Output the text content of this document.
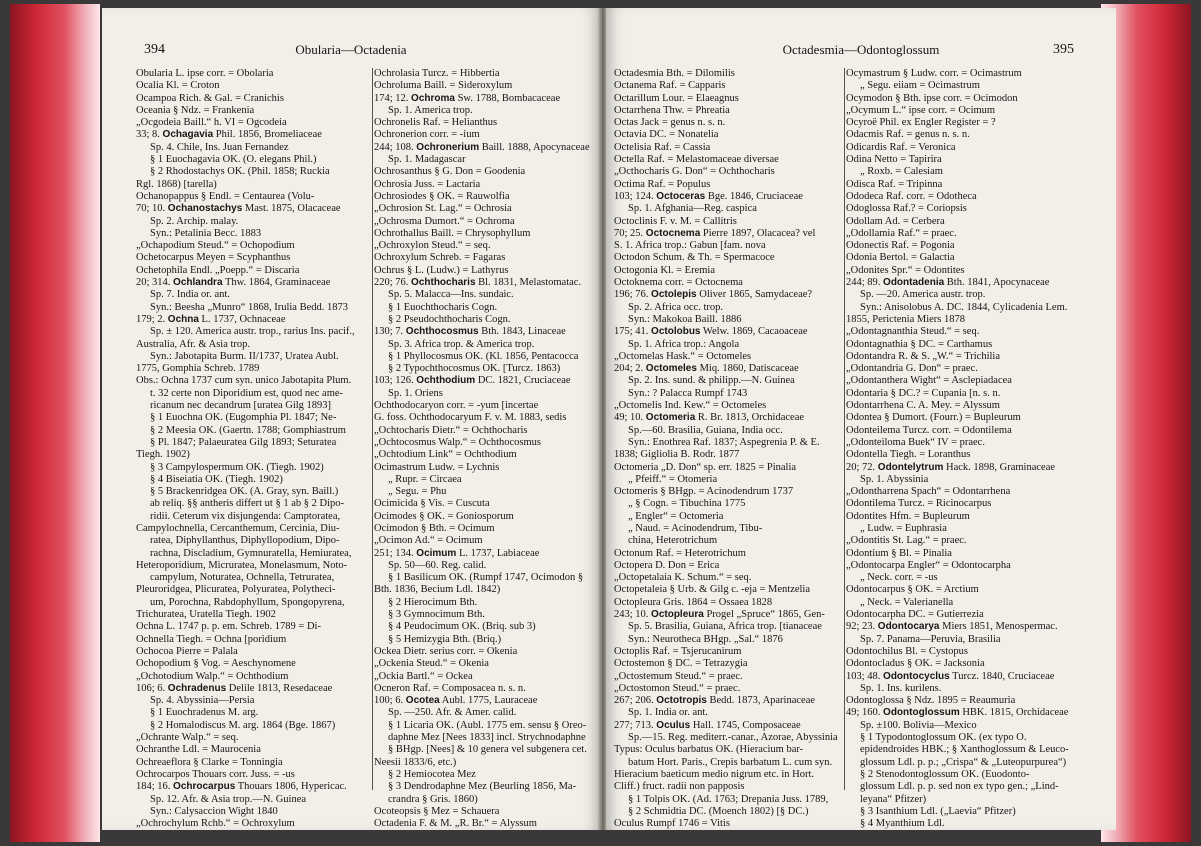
394	Obularia—Octadenia
Obularia L. ipse corr. = Obolaria
Ocalia Kl. = Croton
Ocampoa Rich. & Gal. = Cranichis
Oceania § Ndz. = Frankenia
„Ocgodeia Baill.“ h. VI = Ogcodeia
33; 8. Ochagavia Phil. 1856, Bromeliaceae
Sp. 4. Chile, Ins. Juan Fernandez
§ 1 Euochagavia OK. (O. elegans Phil.)
§ 2 Rhodostachys OK. (Phil. 1858; Ruckia
Rgl. 1868) [tarella)
Ochanopappus § Endl. = Centaurea (Volu-
70; 10. Ochanostachys Mast. 1875, Olacaceae
Sp. 2. Archip. malay.
Syn.: Petalinia Becc. 1883
„Ochapodium Steud.“ = Ochopodium
Ochetocarpus Meyen = Scyphanthus
Ochetophila Endl. „Poepp.“ = Discaria
20; 314. Ochlandra Thw. 1864, Graminaceae
Sp. 7. India or. ant.
Syn.: Beesha „Munro“ 1868, Irulia Bedd. 1873
179; 2. Ochna L. 1737, Ochnaceae
Sp. ± 120. America austr. trop., rarius Ins. pacif.,
Australia, Afr. & Asia trop.
Syn.: Jabotapita Burm. II/1737, Uratea Aubl.
1775, Gomphia Schreb. 1789
Obs.: Ochna 1737 cum syn. unico Jabotapita Plum.
t. 32 certe non Diporidium est, quod nec ame-
ricanum nec decandrum [uratea Gilg 1893]
§ 1 Euochna OK. (Eugomphia Pl. 1847; Ne-
§ 2 Meesia OK. (Gaertn. 1788; Gomphiastrum
§ Pl. 1847; Palaeuratea Gilg 1893; Seturatea
Tiegh. 1902)
§ 3 Campylospermum OK. (Tiegh. 1902)
§ 4 Biseiatia OK. (Tiegh. 1902)
§ 5 Brackenridgea OK. (A. Gray, syn. Baill.)
ab reliq. §§ antheris differt ut § 1 ab § 2 Dipo-
ridii. Ceterum vix disjungenda: Camptoratea,
Campylochnella, Cercanthemum, Cercinia, Diu-
ratea, Diphyllanthus, Diphyllopodium, Dipo-
rachna, Discladium, Gymnuratella, Hemiuratea,
Heteroporidium, Micruratea, Monelasmum, Noto-
campylum, Noturatea, Ochnella, Tetruratea,
Pleuroridgea, Plicuratea, Polyuratea, Polytheci-
um, Porochna, Rabdophyllum, Spongopyrena,
Trichuratea, Uratella Tiegh. 1902
Ochna L. 1747 p. p. em. Schreb. 1789 = Di-
Ochnella Tiegh. = Ochna [poridium
Ochocoa Pierre = Palala
Ochopodium § Vog. = Aeschynomene
„Ochotodium Walp.“ = Ochthodium
106; 6. Ochradenus Delile 1813, Resedaceae
Sp. 4. Abyssinia—Persia
§ 1 Euochradenus M. arg.
§ 2 Homalodiscus M. arg. 1864 (Bge. 1867)
„Ochrante Walp.“ = seq.
Ochranthe Ldl. = Maurocenia
Ochreaeflora § Clarke = Tonningia
Ochrocarpos Thouars corr. Juss. = -us
184; 16. Ochrocarpus Thouars 1806, Hypericac.
Sp. 12. Afr. & Asia trop.—N. Guinea
Syn.: Calysaccion Wight 1840
„Ochrochylum Rchb.“ = Ochroxylum
Ochrolasia Turcz. = Hibbertia
Ochroluma Baill. = Sideroxylum
174; 12. Ochroma Sw. 1788, Bombacaceae
Sp. 1. America trop.
Ochronelis Raf. = Helianthus
Ochronerion corr. = -ium
244; 108. Ochronerium Baill. 1888, Apocynaceae
Sp. 1. Madagascar
Ochrosanthus § G. Don = Goodenia
Ochrosia Juss. = Lactaria
Ochrosiodes § OK. = Rauwolfia
„Ochrosion St. Lag.“ = Ochrosia
„Ochrosma Dumort.“ = Ochroma
Ochrothallus Baill. = Chrysophyllum
„Ochroxylon Steud.“ = seq.
Ochroxylum Schreb. = Fagaras
Ochrus § L. (Ludw.) = Lathyrus
220; 76. Ochthocharis Bl. 1831, Melastomatac.
Sp. 5. Malacca—Ins. sundaic.
§ 1 Euochthocharis Cogn.
§ 2 Pseudochthocharis Cogn.
130; 7. Ochthocosmus Bth. 1843, Linaceae
Sp. 3. Africa trop. & America trop.
§ 1 Phyllocosmus OK. (Kl. 1856, Pentacocca
§ 2 Typochthocosmus OK. [Turcz. 1863)
103; 126. Ochthodium DC. 1821, Cruciaceae
Sp. 1. Oriens
Ochthodocaryon corr. = -yum [incertae
G. foss. Ochthodocaryum F. v. M. 1883, sedis
„Ochtocharis Dietr.“ = Ochthocharis
„Ochtocosmus Walp.“ = Ochthocosmus
„Ochtodium Link“ = Ochthodium
Ocimastrum Ludw. = Lychnis
„ Rupr. = Circaea
„ Segu. = Phu
Ocimicida § Vis. = Cuscuta
Ocimodes § OK. = Goniosporum
Ocimodon § Bth. = Ocimum
„Ocimon Ad.“ = Ocimum
251; 134. Ocimum L. 1737, Labiaceae
Sp. 50—60. Reg. calid.
§ 1 Basilicum OK. (Rumpf 1747, Ocimodon §
Bth. 1836, Becium Ldl. 1842)
§ 2 Hierocimum Bth.
§ 3 Gymnocimum Bth.
§ 4 Peudocimum OK. (Briq. sub 3)
§ 5 Hemizygia Bth. (Briq.)
Ockea Dietr. serius corr. = Okenia
„Ockenia Steud.“ = Okenia
„Ockia Bartl.“ = Ockea
Ocneron Raf. = Composacea n. s. n.
100; 6. Ocotea Aubl. 1775, Lauraceae
Sp. —250. Afr. & Amer. calid.
§ 1 Licaria OK. (Aubl. 1775 em. sensu § Oreo-
daphne Mez [Nees 1833] incl. Strychnodaphne
§ BHgp. [Nees] & 10 genera vel subgenera cet.
Neesii 1833/6, etc.)
§ 2 Hemiocotea Mez
§ 3 Dendrodaphne Mez (Beurling 1856, Ma-
crandra § Gris. 1860)
Ocoteopsis § Mez = Schauera
Octadenia F. & M. „R. Br.“ = Alyssum
Octadesmia—Odontoglossum	395
Octadesmia Bth. = Dilomilis
Octanema Raf. = Capparis
Octarillum Lour. = Elaeagnus
Octarrhena Thw. = Phreatia
Octas Jack = genus n. s. n.
Octavia DC. = Nonatelia
Octelisia Raf. = Cassia
Octella Raf. = Melastomaceae diversae
„Octhocharis G. Don“ = Ochthocharis
Octima Raf. = Populus
103; 124. Octoceras Bge. 1846, Cruciaceae
Sp. 1. Afghania—Reg. caspica
Octoclinis F. v. M. = Callitris
70; 25. Octocnema Pierre 1897, Olacacea? vel
S. 1. Africa trop.: Gabun [fam. nova
Octodon Schum. & Th. = Spermacoce
Octogonia Kl. = Eremia
Octoknema corr. = Octocnema
196; 76. Octolepis Oliver 1865, Samydaceae?
Sp. 2. Africa occ. trop.
Syn.: Makokoa Baill. 1886
175; 41. Octolobus Welw. 1869, Cacaoaceae
Sp. 1. Africa trop.: Angola
„Octomelas Hask.“ = Octomeles
204; 2. Octomeles Miq. 1860, Datiscaceae
Sp. 2. Ins. sund. & philipp.—N. Guinea
Syn.: ? Palacca Rumpf 1743
„Octomelis Ind. Kew.“ = Octomeles
49; 10. Octomeria R. Br. 1813, Orchidaceae
Sp.—60. Brasilia, Guiana, India occ.
Syn.: Enothrea Raf. 1837; Aspegrenia P. & E.
1838; Gigliolia B. Rodr. 1877
Octomeria „D. Don“ sp. err. 1825 = Pinalia
„ Pfeiff.“ = Otomeria
Octomeris § BHgp. = Acinodendrum 1737
„ § Cogn. = Tibuchina 1775
„ Engler“ = Octomeria
„ Naud. = Acinodendrum, Tibu-
china, Heterotrichum
Octonum Raf. = Heterotrichum
Octopera D. Don = Erica
„Octopetalaia K. Schum.“ = seq.
Octopetaleia § Urb. & Gilg c. -eja = Mentzelia
Octopleura Gris. 1864 = Ossaea 1828
243; 10. Octopleura Progel „Spruce“ 1865, Gen-
Sp. 5. Brasilia, Guiana, Africa trop. [tianaceae
Syn.: Neurotheca BHgp. „Sal.“ 1876
Octoplis Raf. = Tsjerucanirum
Octostemon § DC. = Tetrazygia
„Octostemum Steud.“ = praec.
„Octostomon Steud.“ = praec.
267; 206. Octotropis Bedd. 1873, Aparinaceae
Sp. 1. India or. ant.
277; 713. Oculus Hall. 1745, Composaceae
Sp.—15. Reg. mediterr.-canar., Azorae, Abyssinia
Typus: Oculus barbatus OK. (Hieracium bar-
batum Hort. Paris., Crepis barbatum L. cum syn.
Hieracium baeticum medio nigrum etc. in Hort.
Cliff.) fruct. radii non papposis
§ 1 Tolpis OK. (Ad. 1763; Drepania Juss. 1789,
§ 2 Schmidtia DC. (Moench 1802) [§ DC.)
Oculus Rumpf 1746 = Vitis
Ocymastrum § Ludw. corr. = Ocimastrum
„ Segu. eiiam = Ocimastrum
Ocymodon § Bth. ipse corr. = Ocimodon
„Ocymum L.“ ipse corr. = Ocimum
Ocyroë Phil. ex Engler Register = ?
Odacmis Raf. = genus n. s. n.
Odicardis Raf. = Veronica
Odina Netto = Tapirira
„ Roxb. = Calesiam
Odisca Raf. = Tripinna
Ododeca Raf. corr. = Odotheca
Odoglossa Raf.? = Coriopsis
Odollam Ad. = Cerbera
„Odollamia Raf.“ = praec.
Odonectis Raf. = Pogonia
Odonia Bertol. = Galactia
„Odonites Spr.“ = Odontites
244; 89. Odontadenia Bth. 1841, Apocynaceae
Sp. —20. America austr. trop.
Syn.: Anisolobus A. DC. 1844, Cylicadenia Lem.
1855, Perictenia Miers 1878
„Odontagnanthia Steud.“ = seq.
Odontagnathia § DC. = Carthamus
Odontandra R. & S. „W.“ = Trichilia
„Odontandria G. Don“ = praec.
„Odontanthera Wight“ = Asclepiadacea
Odontaria § DC.? = Cupania [n. s. n.
Odontarrhena C. A. Mey. = Alyssum
Odontea § Dumort. (Fourr.) = Bupleurum
Odonteilema Turcz. corr. = Odontilema
„Odonteiloma Buek“ IV = praec.
Odontella Tiegh. = Loranthus
20; 72. Odontelytrum Hack. 1898, Graminaceae
Sp. 1. Abyssinia
„Odontharrena Spach“ = Odontarrhena
Odontilema Turcz. = Ricinocarpus
Odontites Hfm. = Bupleurum
„ Ludw. = Euphrasia
„Odontitis St. Lag.“ = praec.
Odontium § Bl. = Pinalia
„Odontocarpa Engler“ = Odontocarpha
„ Neck. corr. = -us
Odontocarpus § OK. = Arctium
„ Neck. = Valerianella
Odontocarpha DC. = Gutierrezia
92; 23. Odontocarya Miers 1851, Menospermac.
Sp. 7. Panama—Peruvia, Brasilia
Odontochilus Bl. = Cystopus
Odontocladus § OK. = Jacksonia
103; 48. Odontocyclus Turcz. 1840, Cruciaceae
Sp. 1. Ins. kurilens.
Odontoglossa § Ndz. 1895 = Reaumuria
49; 160. Odontoglossum HBK. 1815, Orchidaceae
Sp. ±100. Bolivia—Mexico
§ 1 Typodontoglossum OK. (ex typo O.
epidendroides HBK.; § Xanthoglossum & Leuco-
glossum Ldl. p. p.; „Crispa“ & „Luteopurpurea“)
§ 2 Stenodontoglossum OK. (Euodonto-
glossum Ldl. p. p. sed non ex typo gen.; „Lind-
leyana“ Pfitzer)
§ 3 Isanthium Ldl. („Laevia“ Pfitzer)
§ 4 Myanthium Ldl.
